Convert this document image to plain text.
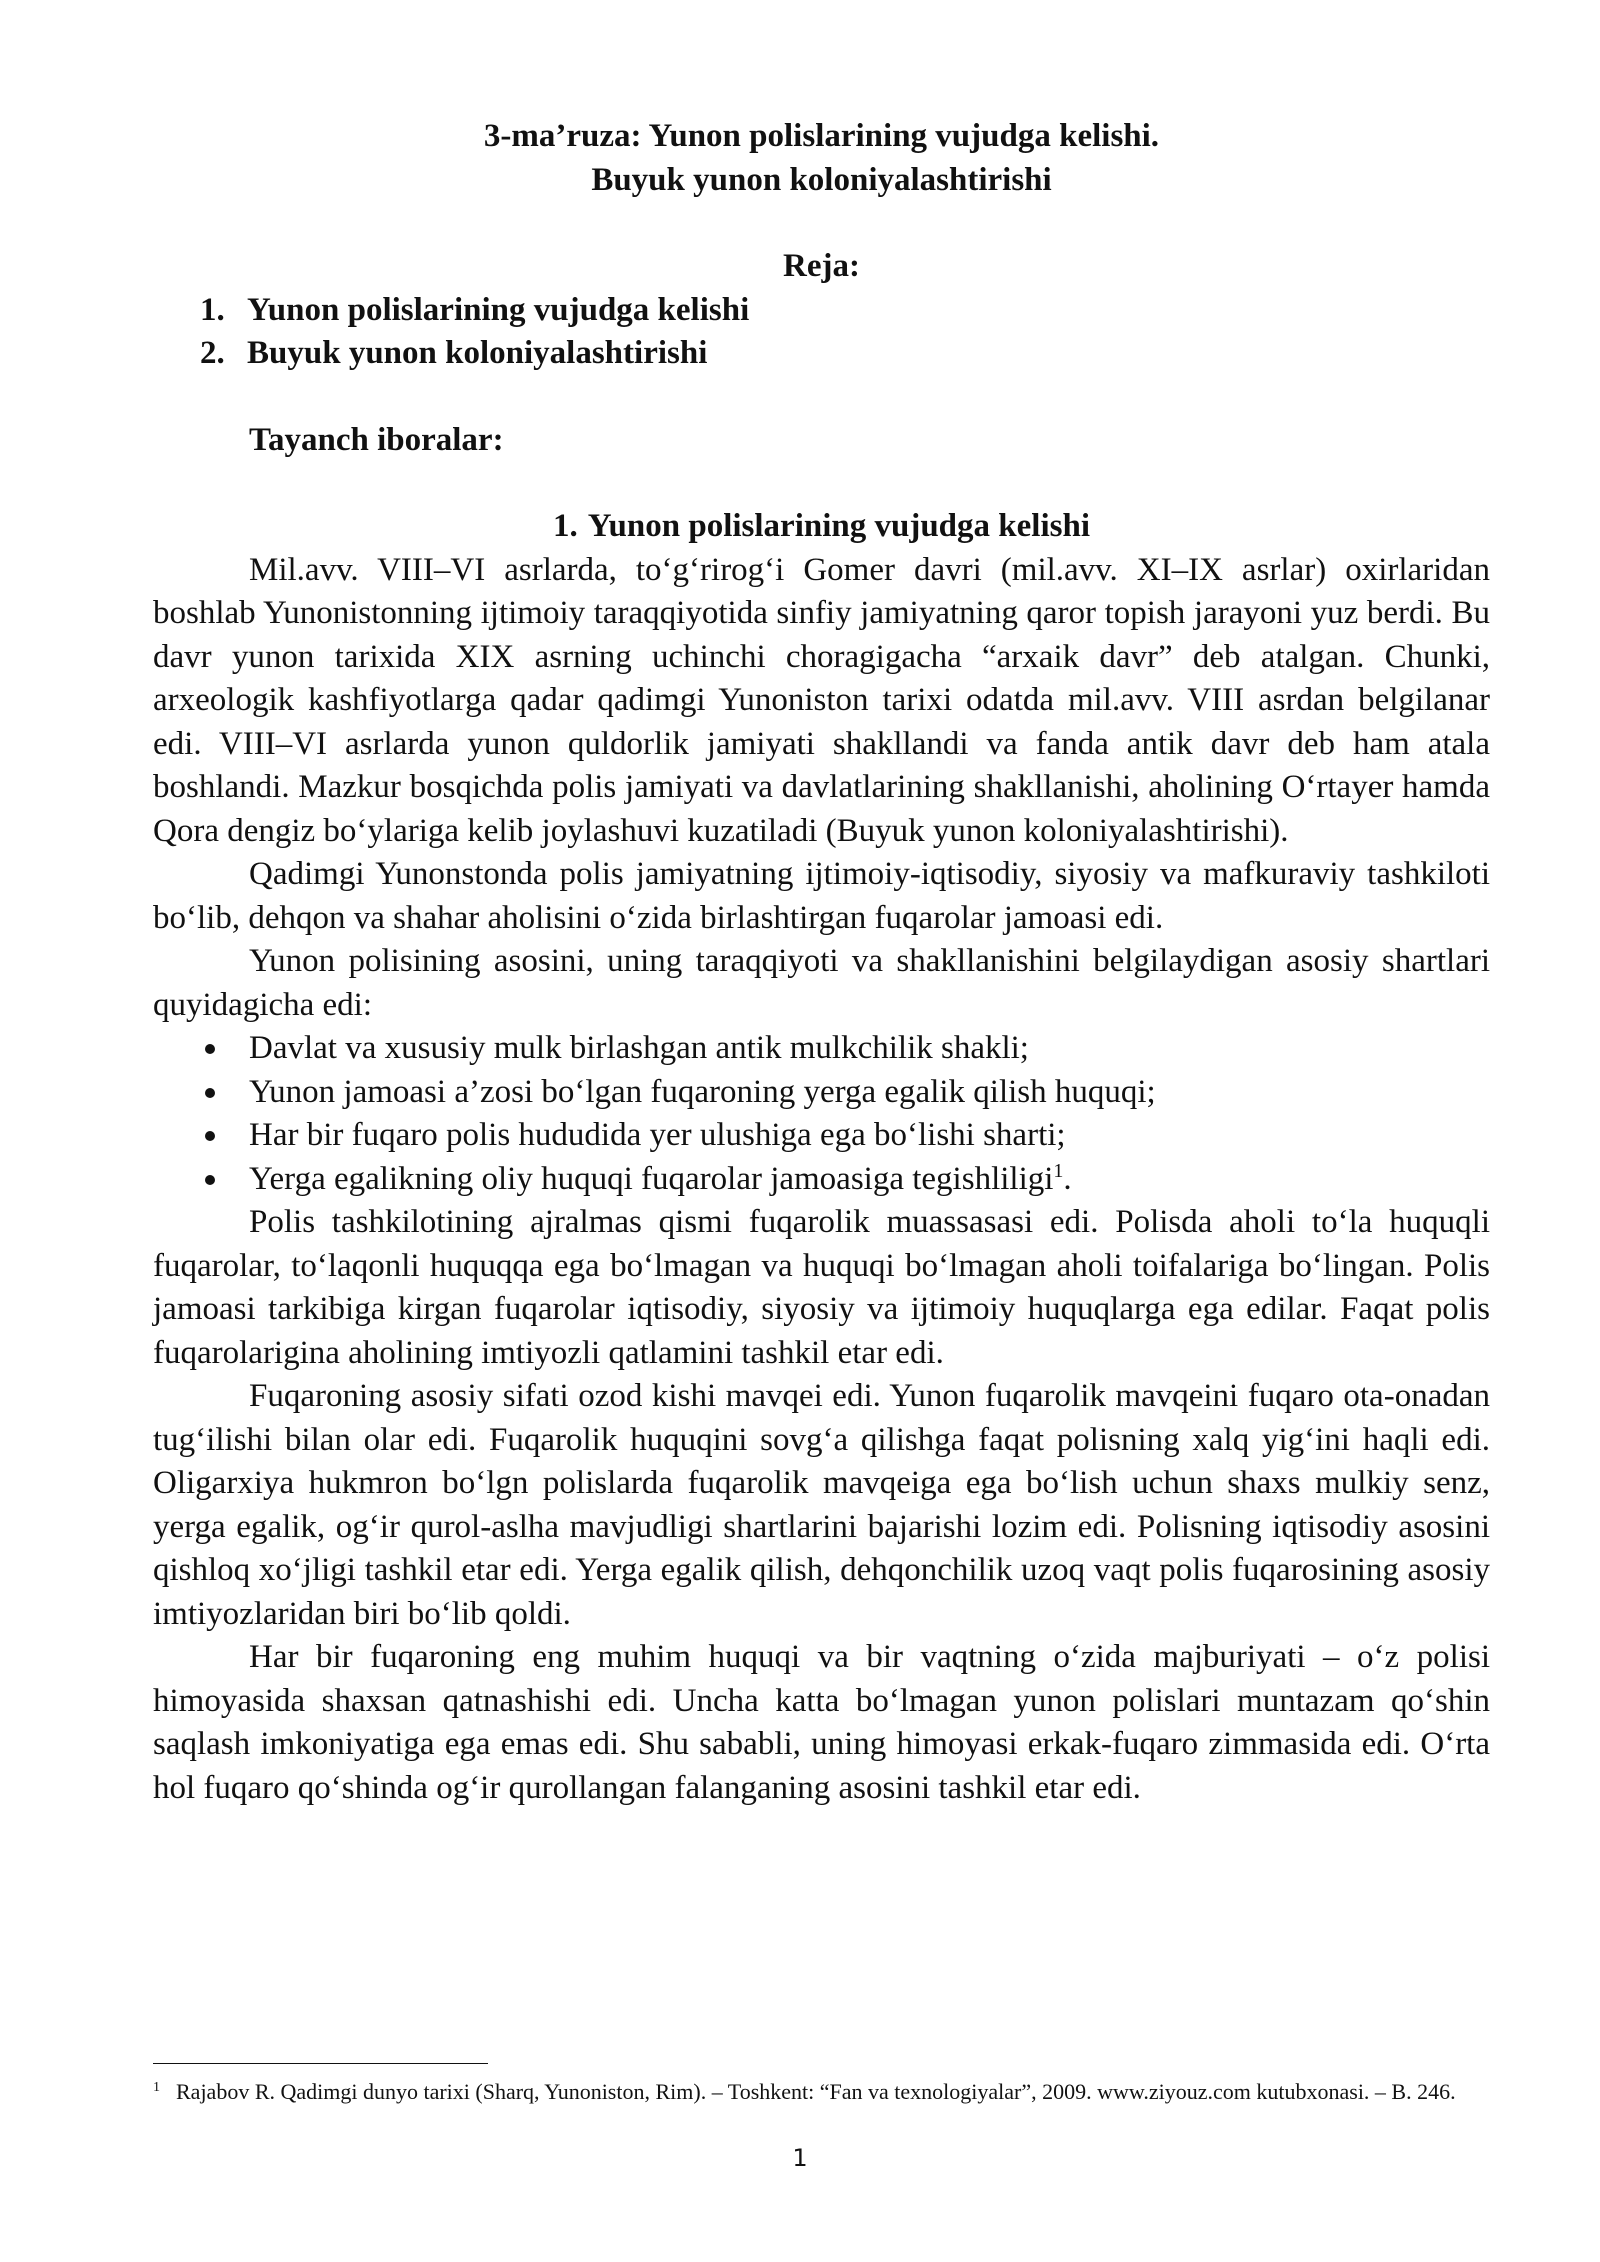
3-ma’ruza: Yunon polislarining vujudga kelishi.

Buyuk yunon koloniyalashtirishi

Reja:

1. Yunon polislarining vujudga kelishi
2. Buyuk yunon koloniyalashtirishi

Tayanch iboralar:

1. Yunon polislarining vujudga kelishi

Mil.avv. VIII–VI asrlarda, to‘g‘rirog‘i Gomer davri (mil.avv. XI–IX asrlar) oxirlaridan boshlab Yunonistonning ijtimoiy taraqqiyotida sinfiy jamiyatning qaror topish jarayoni yuz berdi. Bu davr yunon tarixida XIX asrning uchinchi choragigacha “arxaik davr” deb atalgan. Chunki, arxeologik kashfiyotlarga qadar qadimgi Yunoniston tarixi odatda mil.avv. VIII asrdan belgilanar edi. VIII–VI asrlarda yunon quldorlik jamiyati shakllandi va fanda antik davr deb ham atala boshlandi. Mazkur bosqichda polis jamiyati va davlatlarining shakllanishi, aholining O‘rtayer hamda Qora dengiz bo‘ylariga kelib joylashuvi kuzatiladi (Buyuk yunon koloniyalashtirishi).

Qadimgi Yunonstonda polis jamiyatning ijtimoiy-iqtisodiy, siyosiy va mafkuraviy tashkiloti bo‘lib, dehqon va shahar aholisini o‘zida birlashtirgan fuqarolar jamoasi edi.

Yunon polisining asosini, uning taraqqiyoti va shakllanishini belgilaydigan asosiy shartlari quyidagicha edi:

Davlat va xususiy mulk birlashgan antik mulkchilik shakli;
Yunon jamoasi a’zosi bo‘lgan fuqaroning yerga egalik qilish huquqi;
Har bir fuqaro polis hududida yer ulushiga ega bo‘lishi sharti;
Yerga egalikning oliy huquqi fuqarolar jamoasiga tegishliligi$^1$.

Polis tashkilotining ajralmas qismi fuqarolik muassasasi edi. Polisda aholi to‘la huquqli fuqarolar, to‘laqonli huquqqa ega bo‘lmagan va huquqi bo‘lmagan aholi toifalariga bo‘lingan. Polis jamoasi tarkibiga kirgan fuqarolar iqtisodiy, siyosiy va ijtimoiy huquqlarga ega edilar. Faqat polis fuqarolarigina aholining imtiyozli qatlamini tashkil etar edi.

Fuqaroning asosiy sifati ozod kishi mavqei edi. Yunon fuqarolik mavqeini fuqaro ota-onadan tug‘ilishi bilan olar edi. Fuqarolik huquqini sovg‘a qilishga faqat polisning xalq yig‘ini haqli edi. Oligarxiya hukmron bo‘lgn polislarda fuqarolik mavqeiga ega bo‘lish uchun shaxs mulkiy senz, yerga egalik, og‘ir qurol-aslha mavjudligi shartlarini bajarishi lozim edi. Polisning iqtisodiy asosini qishloq xo‘jligi tashkil etar edi. Yerga egalik qilish, dehqonchilik uzoq vaqt polis fuqarosining asosiy imtiyozlaridan biri bo‘lib qoldi.

Har bir fuqaroning eng muhim huquqi va bir vaqtning o‘zida majburiyati – o‘z polisi himoyasida shaxsan qatnashishi edi. Uncha katta bo‘lmagan yunon polislari muntazam qo‘shin saqlash imkoniyatiga ega emas edi. Shu sababli, uning himoyasi erkak-fuqaro zimmasida edi. O‘rta hol fuqaro qo‘shinda og‘ir qurollangan falanganing asosini tashkil etar edi.

$^1$ Rajabov R. Qadimgi dunyo tarixi (Sharq, Yunoniston, Rim). – Toshkent: “Fan va texnologiyalar”, 2009. www.ziyouz.com kutubxonasi. – B. 246.
1
